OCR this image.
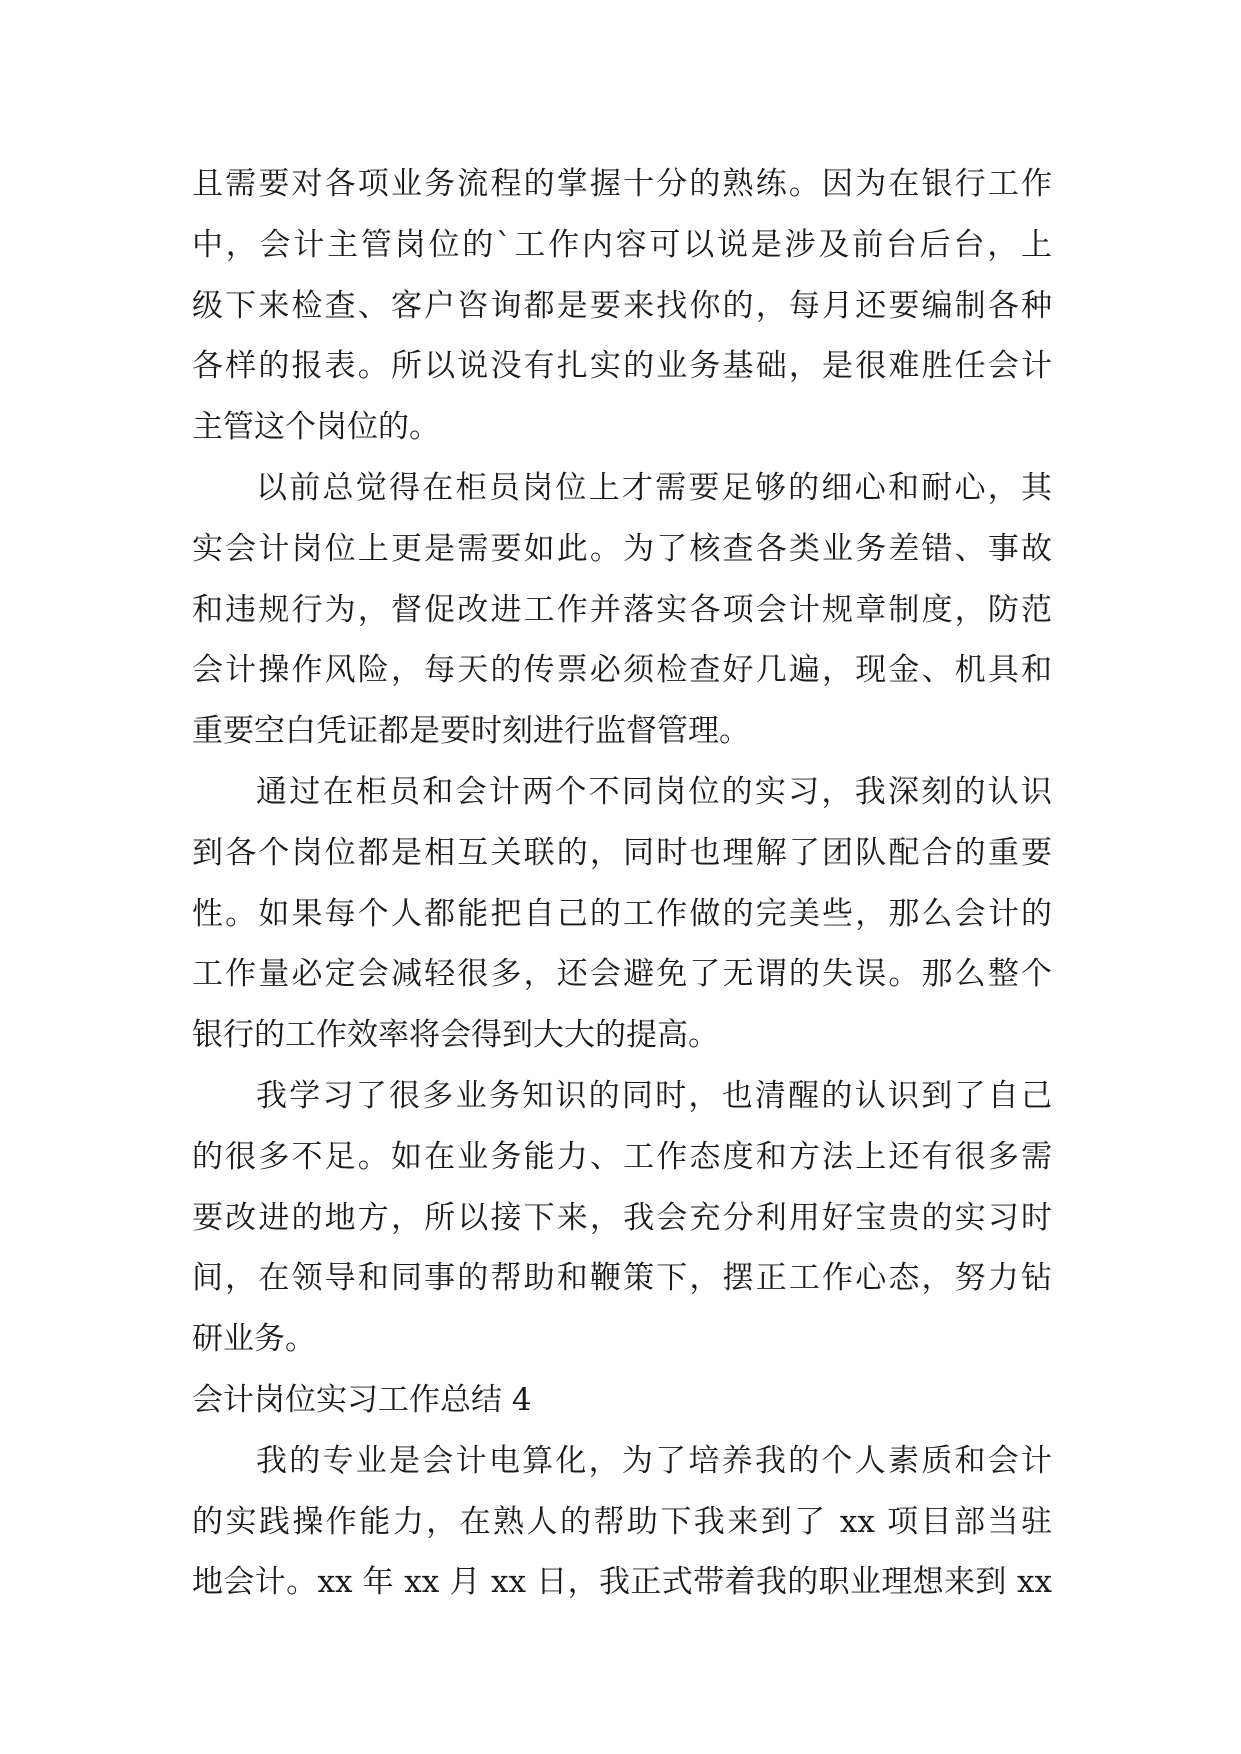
且需要对各项业务流程的掌握十分的熟练。因为在银行工作
中，会计主管岗位的`工作内容可以说是涉及前台后台，上
级下来检查、客户咨询都是要来找你的，每月还要编制各种
各样的报表。所以说没有扎实的业务基础，是很难胜任会计
主管这个岗位的。
以前总觉得在柜员岗位上才需要足够的细心和耐心，其
实会计岗位上更是需要如此。为了核查各类业务差错、事故
和违规行为，督促改进工作并落实各项会计规章制度，防范
会计操作风险，每天的传票必须检查好几遍，现金、机具和
重要空白凭证都是要时刻进行监督管理。
通过在柜员和会计两个不同岗位的实习，我深刻的认识
到各个岗位都是相互关联的，同时也理解了团队配合的重要
性。如果每个人都能把自己的工作做的完美些，那么会计的
工作量必定会减轻很多，还会避免了无谓的失误。那么整个
银行的工作效率将会得到大大的提高。
我学习了很多业务知识的同时，也清醒的认识到了自己
的很多不足。如在业务能力、工作态度和方法上还有很多需
要改进的地方，所以接下来，我会充分利用好宝贵的实习时
间，在领导和同事的帮助和鞭策下，摆正工作心态，努力钻
研业务。
会计岗位实习工作总结 4
我的专业是会计电算化，为了培养我的个人素质和会计
的实践操作能力，在熟人的帮助下我来到了 xx 项目部当驻
地会计。xx 年 xx 月 xx 日，我正式带着我的职业理想来到 xx
